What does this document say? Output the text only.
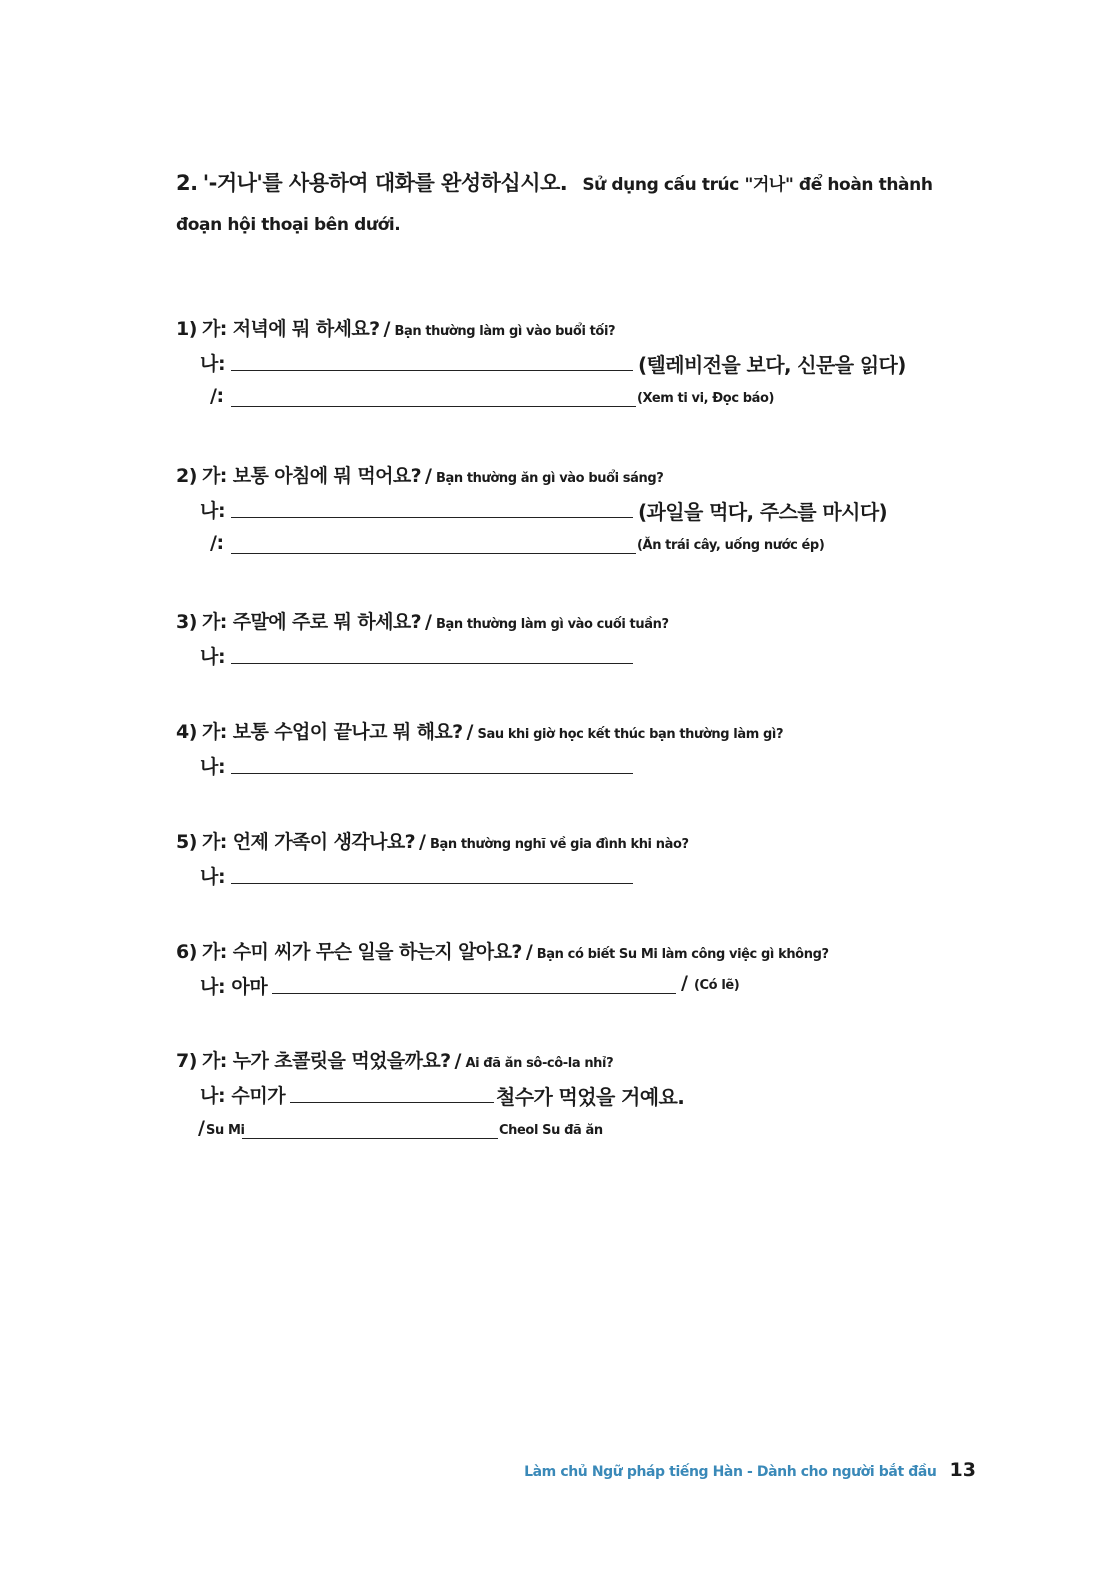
2. '-거나'를 사용하여 대화를 완성하십시오. Sử dụng cấu trúc "거나" để hoàn thành đoạn hội thoại bên dưới.
1) 가: 저녁에 뭐 하세요? / Bạn thường làm gì vào buổi tối?
나:	(텔레비전을 보다, 신문을 읽다)
/:	(Xem ti vi, Đọc báo)
2) 가: 보통 아침에 뭐 먹어요? / Bạn thường ăn gì vào buổi sáng?
나:	(과일을 먹다, 주스를 마시다)
/:	(Ăn trái cây, uống nước ép)
3) 가: 주말에 주로 뭐 하세요? / Bạn thường làm gì vào cuối tuần?
나:
4) 가: 보통 수업이 끝나고 뭐 해요? / Sau khi giờ học kết thúc bạn thường làm gì?
나:
5) 가: 언제 가족이 생각나요? / Bạn thường nghĩ về gia đình khi nào?
나:
6) 가: 수미 씨가 무슨 일을 하는지 알아요? / Bạn có biết Su Mi làm công việc gì không?
나: 아마	/ (Có lẽ)
7) 가: 누가 초콜릿을 먹었을까요? / Ai đã ăn sô-cô-la nhỉ?
나: 수미가	철수가 먹었을 거예요.
/ Su Mi	Cheol Su đã ăn
Làm chủ Ngữ pháp tiếng Hàn - Dành cho người bắt đầu 13
